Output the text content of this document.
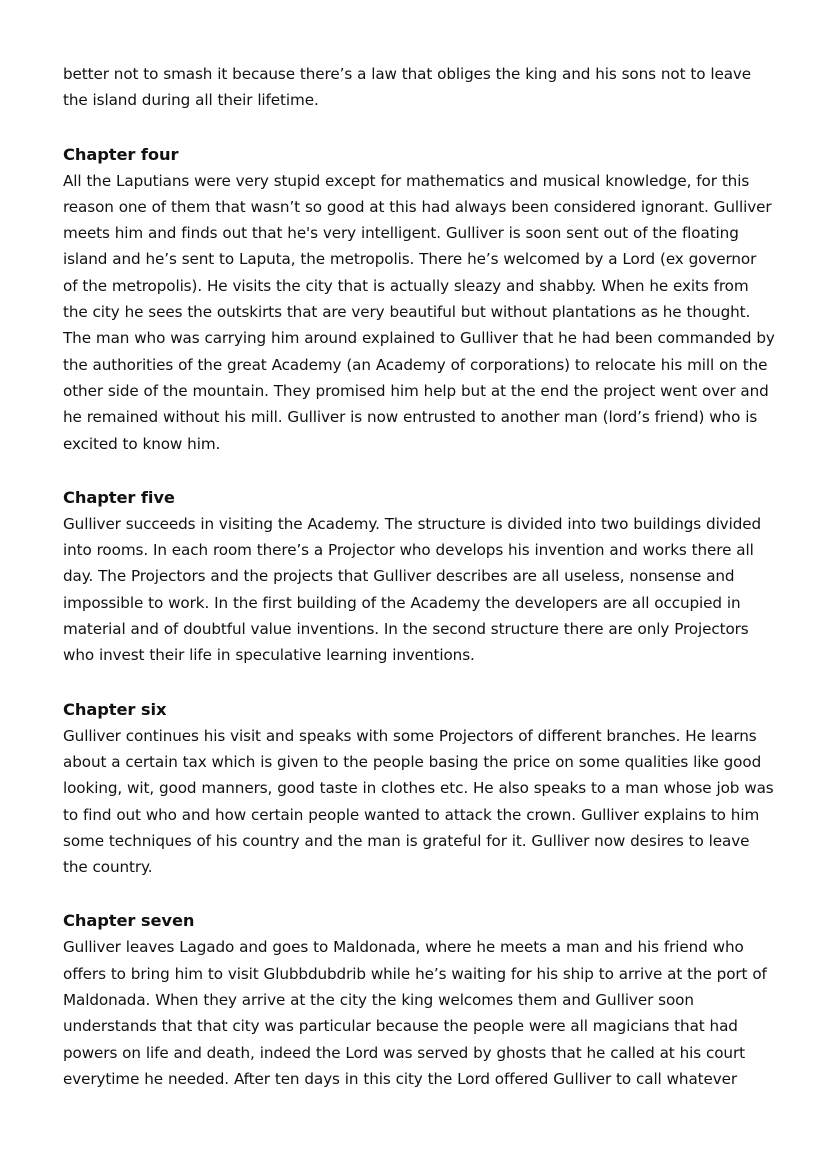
better not to smash it because there’s a law that obliges the king and his sons not to leave the island during all their lifetime.

Chapter four

All the Laputians were very stupid except for mathematics and musical knowledge, for this reason one of them that wasn’t so good at this had always been considered ignorant. Gulliver meets him and finds out that he's very intelligent. Gulliver is soon sent out of the floating island and he’s sent to Laputa, the metropolis. There he’s welcomed by a Lord (ex governor of the metropolis). He visits the city that is actually sleazy and shabby. When he exits from the city he sees the outskirts that are very beautiful but without plantations as he thought. The man who was carrying him around explained to Gulliver that he had been commanded by the authorities of the great Academy (an Academy of corporations) to relocate his mill on the other side of the mountain. They promised him help but at the end the project went over and he remained without his mill. Gulliver is now entrusted to another man (lord’s friend) who is excited to know him.

Chapter five

Gulliver succeeds in visiting the Academy. The structure is divided into two buildings divided into rooms. In each room there’s a Projector who develops his invention and works there all day. The Projectors and the projects that Gulliver describes are all useless, nonsense and impossible to work. In the first building of the Academy the developers are all occupied in material and of doubtful value inventions. In the second structure there are only Projectors who invest their life in speculative learning inventions.

Chapter six

Gulliver continues his visit and speaks with some Projectors of different branches. He learns about a certain tax which is given to the people basing the price on some qualities like good looking, wit, good manners, good taste in clothes etc. He also speaks to a man whose job was to find out who and how certain people wanted to attack the crown. Gulliver explains to him some techniques of his country and the man is grateful for it. Gulliver now desires to leave the country.

Chapter seven

Gulliver leaves Lagado and goes to Maldonada, where he meets a man and his friend who offers to bring him to visit Glubbdubdrib while he’s waiting for his ship to arrive at the port of Maldonada. When they arrive at the city the king welcomes them and Gulliver soon understands that that city was particular because the people were all magicians that had powers on life and death, indeed the Lord was served by ghosts that he called at his court everytime he needed. After ten days in this city the Lord offered Gulliver to call whatever
